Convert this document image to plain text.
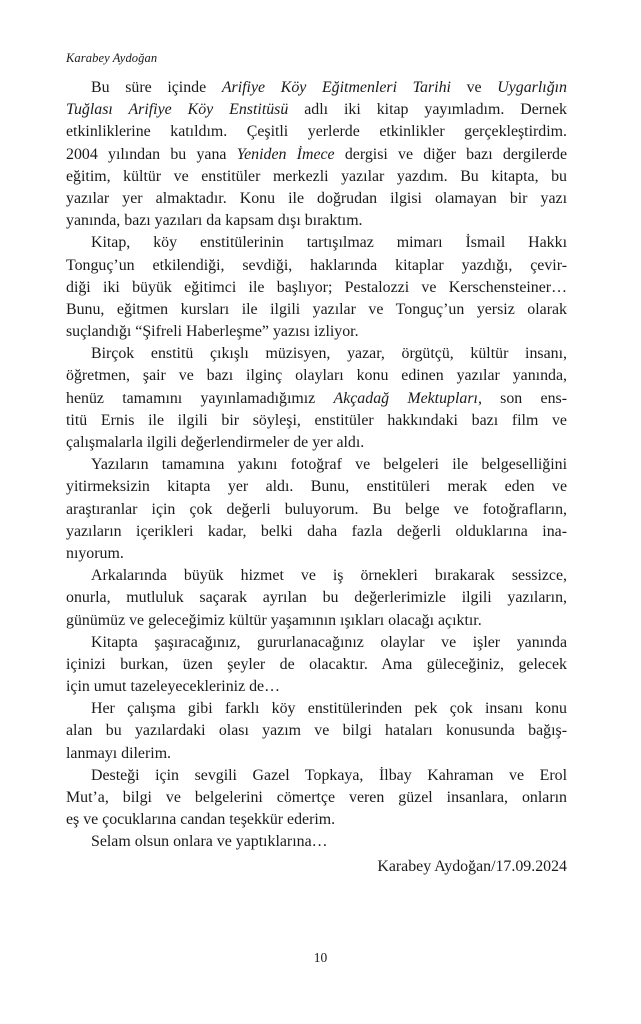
Karabey Aydoğan
Bu süre içinde Arifiye Köy Eğitmenleri Tarihi ve Uygarlığın
Tuğlası Arifiye Köy Enstitüsü adlı iki kitap yayımladım. Dernek
etkinliklerine katıldım. Çeşitli yerlerde etkinlikler gerçekleştirdim.
2004 yılından bu yana Yeniden İmece dergisi ve diğer bazı dergilerde
eğitim, kültür ve enstitüler merkezli yazılar yazdım. Bu kitapta, bu
yazılar yer almaktadır. Konu ile doğrudan ilgisi olamayan bir yazı
yanında, bazı yazıları da kapsam dışı bıraktım.
Kitap, köy enstitülerinin tartışılmaz mimarı İsmail Hakkı
Tonguç’un etkilendiği, sevdiği, haklarında kitaplar yazdığı, çevir-
diği iki büyük eğitimci ile başlıyor; Pestalozzi ve Kerschensteiner…
Bunu, eğitmen kursları ile ilgili yazılar ve Tonguç’un yersiz olarak
suçlandığı “Şifreli Haberleşme” yazısı izliyor.
Birçok enstitü çıkışlı müzisyen, yazar, örgütçü, kültür insanı,
öğretmen, şair ve bazı ilginç olayları konu edinen yazılar yanında,
henüz tamamını yayınlamadığımız Akçadağ Mektupları, son ens-
titü Ernis ile ilgili bir söyleşi, enstitüler hakkındaki bazı film ve
çalışmalarla ilgili değerlendirmeler de yer aldı.
Yazıların tamamına yakını fotoğraf ve belgeleri ile belgeselliğini
yitirmeksizin kitapta yer aldı. Bunu, enstitüleri merak eden ve
araştıranlar için çok değerli buluyorum. Bu belge ve fotoğrafların,
yazıların içerikleri kadar, belki daha fazla değerli olduklarına ina-
nıyorum.
Arkalarında büyük hizmet ve iş örnekleri bırakarak sessizce,
onurla, mutluluk saçarak ayrılan bu değerlerimizle ilgili yazıların,
günümüz ve geleceğimiz kültür yaşamının ışıkları olacağı açıktır.
Kitapta şaşıracağınız, gururlanacağınız olaylar ve işler yanında
içinizi burkan, üzen şeyler de olacaktır. Ama güleceğiniz, gelecek
için umut tazeleyecekleriniz de…
Her çalışma gibi farklı köy enstitülerinden pek çok insanı konu
alan bu yazılardaki olası yazım ve bilgi hataları konusunda bağış-
lanmayı dilerim.
Desteği için sevgili Gazel Topkaya, İlbay Kahraman ve Erol
Mut’a, bilgi ve belgelerini cömertçe veren güzel insanlara, onların
eş ve çocuklarına candan teşekkür ederim.
Selam olsun onlara ve yaptıklarına…
Karabey Aydoğan/17.09.2024
10
